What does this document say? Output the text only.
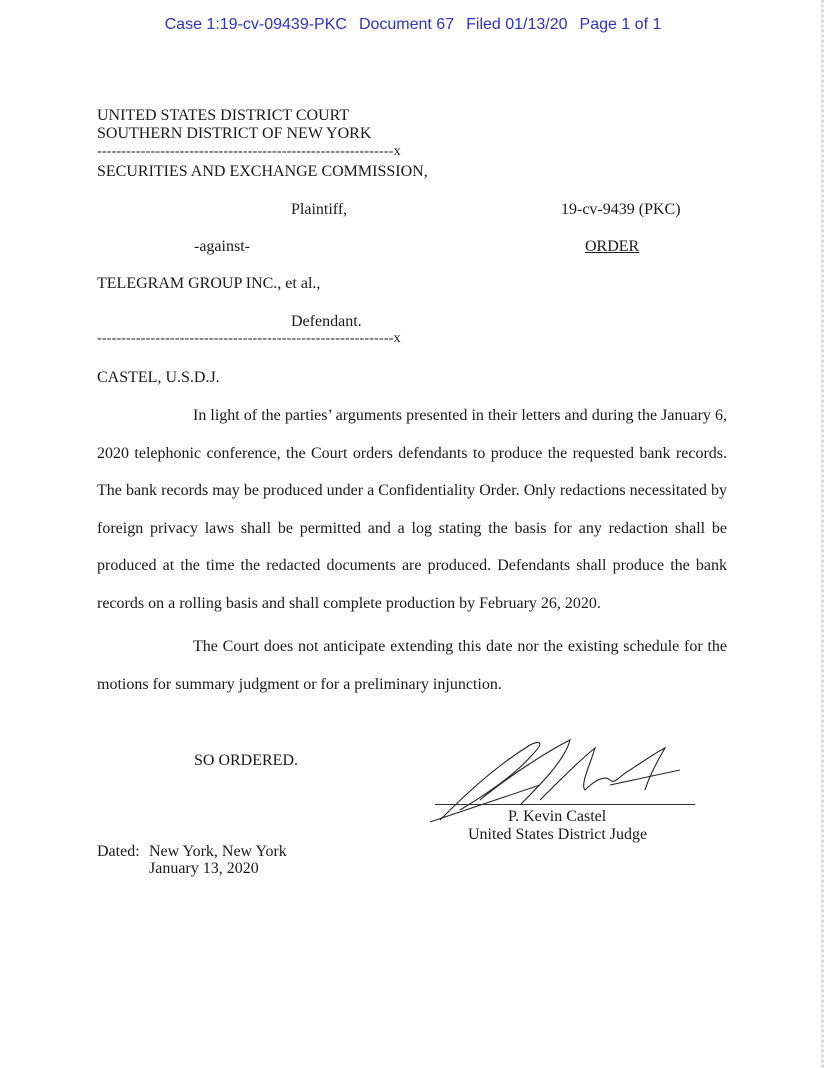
Case 1:19-cv-09439-PKC Document 67 Filed 01/13/20 Page 1 of 1
UNITED STATES DISTRICT COURT
SOUTHERN DISTRICT OF NEW YORK
-------------------------------------------------------------x
SECURITIES AND EXCHANGE COMMISSION,
Plaintiff,	19-cv-9439 (PKC)
-against-	ORDER
TELEGRAM GROUP INC., et al.,
Defendant.
-------------------------------------------------------------x
CASTEL, U.S.D.J.
In light of the parties’ arguments presented in their letters and during the January 6, 2020 telephonic conference, the Court orders defendants to produce the requested bank records. The bank records may be produced under a Confidentiality Order. Only redactions necessitated by foreign privacy laws shall be permitted and a log stating the basis for any redaction shall be produced at the time the redacted documents are produced. Defendants shall produce the bank records on a rolling basis and shall complete production by February 26, 2020.
The Court does not anticipate extending this date nor the existing schedule for the motions for summary judgment or for a preliminary injunction.
SO ORDERED.
P. Kevin Castel
United States District Judge
Dated: New York, New York
January 13, 2020
